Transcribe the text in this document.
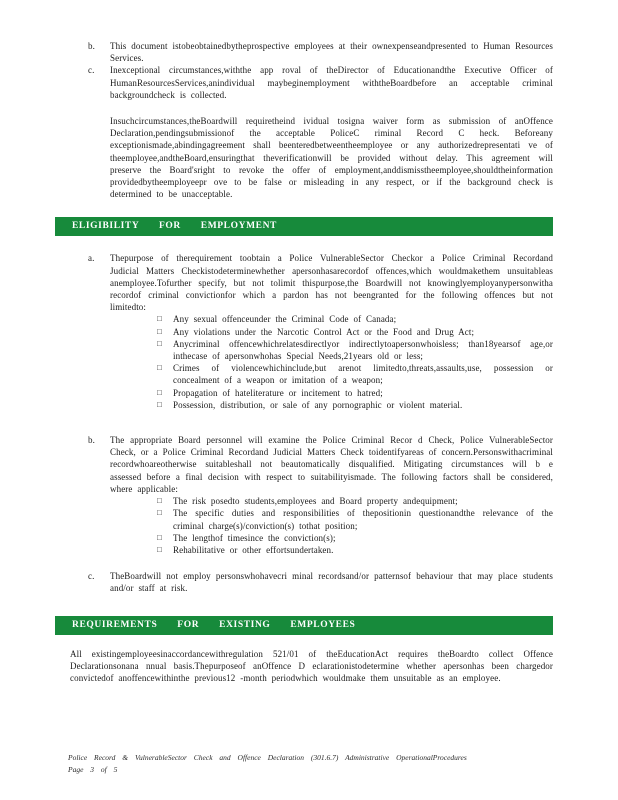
b.	This document istobeobtainedbytheprospective employees at their ownexpenseandpresented to Human Resources Services.
c.	Inexceptional circumstances,withthe app roval of theDirector of Educationandthe Executive Officer of HumanResourcesServices,anindividual maybeginemployment withtheBoardbefore an acceptable criminal backgroundcheck is collected.
Insuchcircumstances,theBoardwill requiretheind ividual tosigna waiver form as submission of anOffence Declaration,pendingsubmissionof the acceptable PoliceC riminal Record C heck. Beforeany exceptionismade,abindingagreement shall beenteredbetweentheemployee or any authorizedrepresentati ve of theemployee,andtheBoard,ensuringthat theverificationwill be provided without delay. This agreement will preserve the Board'sright to revoke the offer of employment,anddismisstheemployee,shouldtheinformation providedbytheemployeepr ove to be false or misleading in any respect, or if the background check is determined to be unacceptable.
ELIGIBILITY FOR EMPLOYMENT
a.	Thepurpose of therequirement toobtain a Police VulnerableSector Checkor a Police Criminal Recordand Judicial Matters Checkistodeterminewhether apersonhasarecordof offences,which wouldmakethem unsuitableas anemployee.Tofurther specify, but not tolimit thispurpose,the Boardwill not knowinglyemployanypersonwitha recordof criminal convictionfor which a pardon has not beengranted for the following offences but not limitedto:
□	Any sexual offenceunder the Criminal Code of Canada;
□	Any violations under the Narcotic Control Act or the Food and Drug Act;
□	Anycriminal offencewhichrelatesdirectlyor indirectlytoapersonwhoisless; than18yearsof age,or inthecase of apersonwhohas Special Needs,21years old or less;
□	Crimes of violencewhichinclude,but arenot limitedto,threats,assaults,use, possession or concealment of a weapon or imitation of a weapon;
□	Propagation of hateliterature or incitement to hatred;
□	Possession, distribution, or sale of any pornographic or violent material.
b.	The appropriate Board personnel will examine the Police Criminal Recor d Check, Police VulnerableSector Check, or a Police Criminal Recordand Judicial Matters Check toidentifyareas of concern.Personswithacriminal recordwhoareotherwise suitableshall not beautomatically disqualified. Mitigating circumstances will b e assessed before a final decision with respect to suitabilityismade. The following factors shall be considered, where applicable:
□	The risk posedto students,employees and Board property andequipment;
□	The specific duties and responsibilities of thepositionin questionandthe relevance of the criminal charge(s)/conviction(s) tothat position;
□	The lengthof timesince the conviction(s);
□	Rehabilitative or other effortsundertaken.
c.	TheBoardwill not employ personswhohavecri minal recordsand/or patternsof behaviour that may place students and/or staff at risk.
REQUIREMENTS FOR EXISTING EMPLOYEES
All existingemployeesinaccordancewithregulation 521/01 of theEducationAct requires theBoardto collect Offence Declarationsonana nnual basis.Thepurposeof anOffence D eclarationistodetermine whether apersonhas been chargedor convictedof anoffencewithinthe previous12 -month periodwhich wouldmake them unsuitable as an employee.
Police Record & VulnerableSector Check and Offence Declaration (301.6.7) Administrative OperationalProcedures
Page 3 of 5
